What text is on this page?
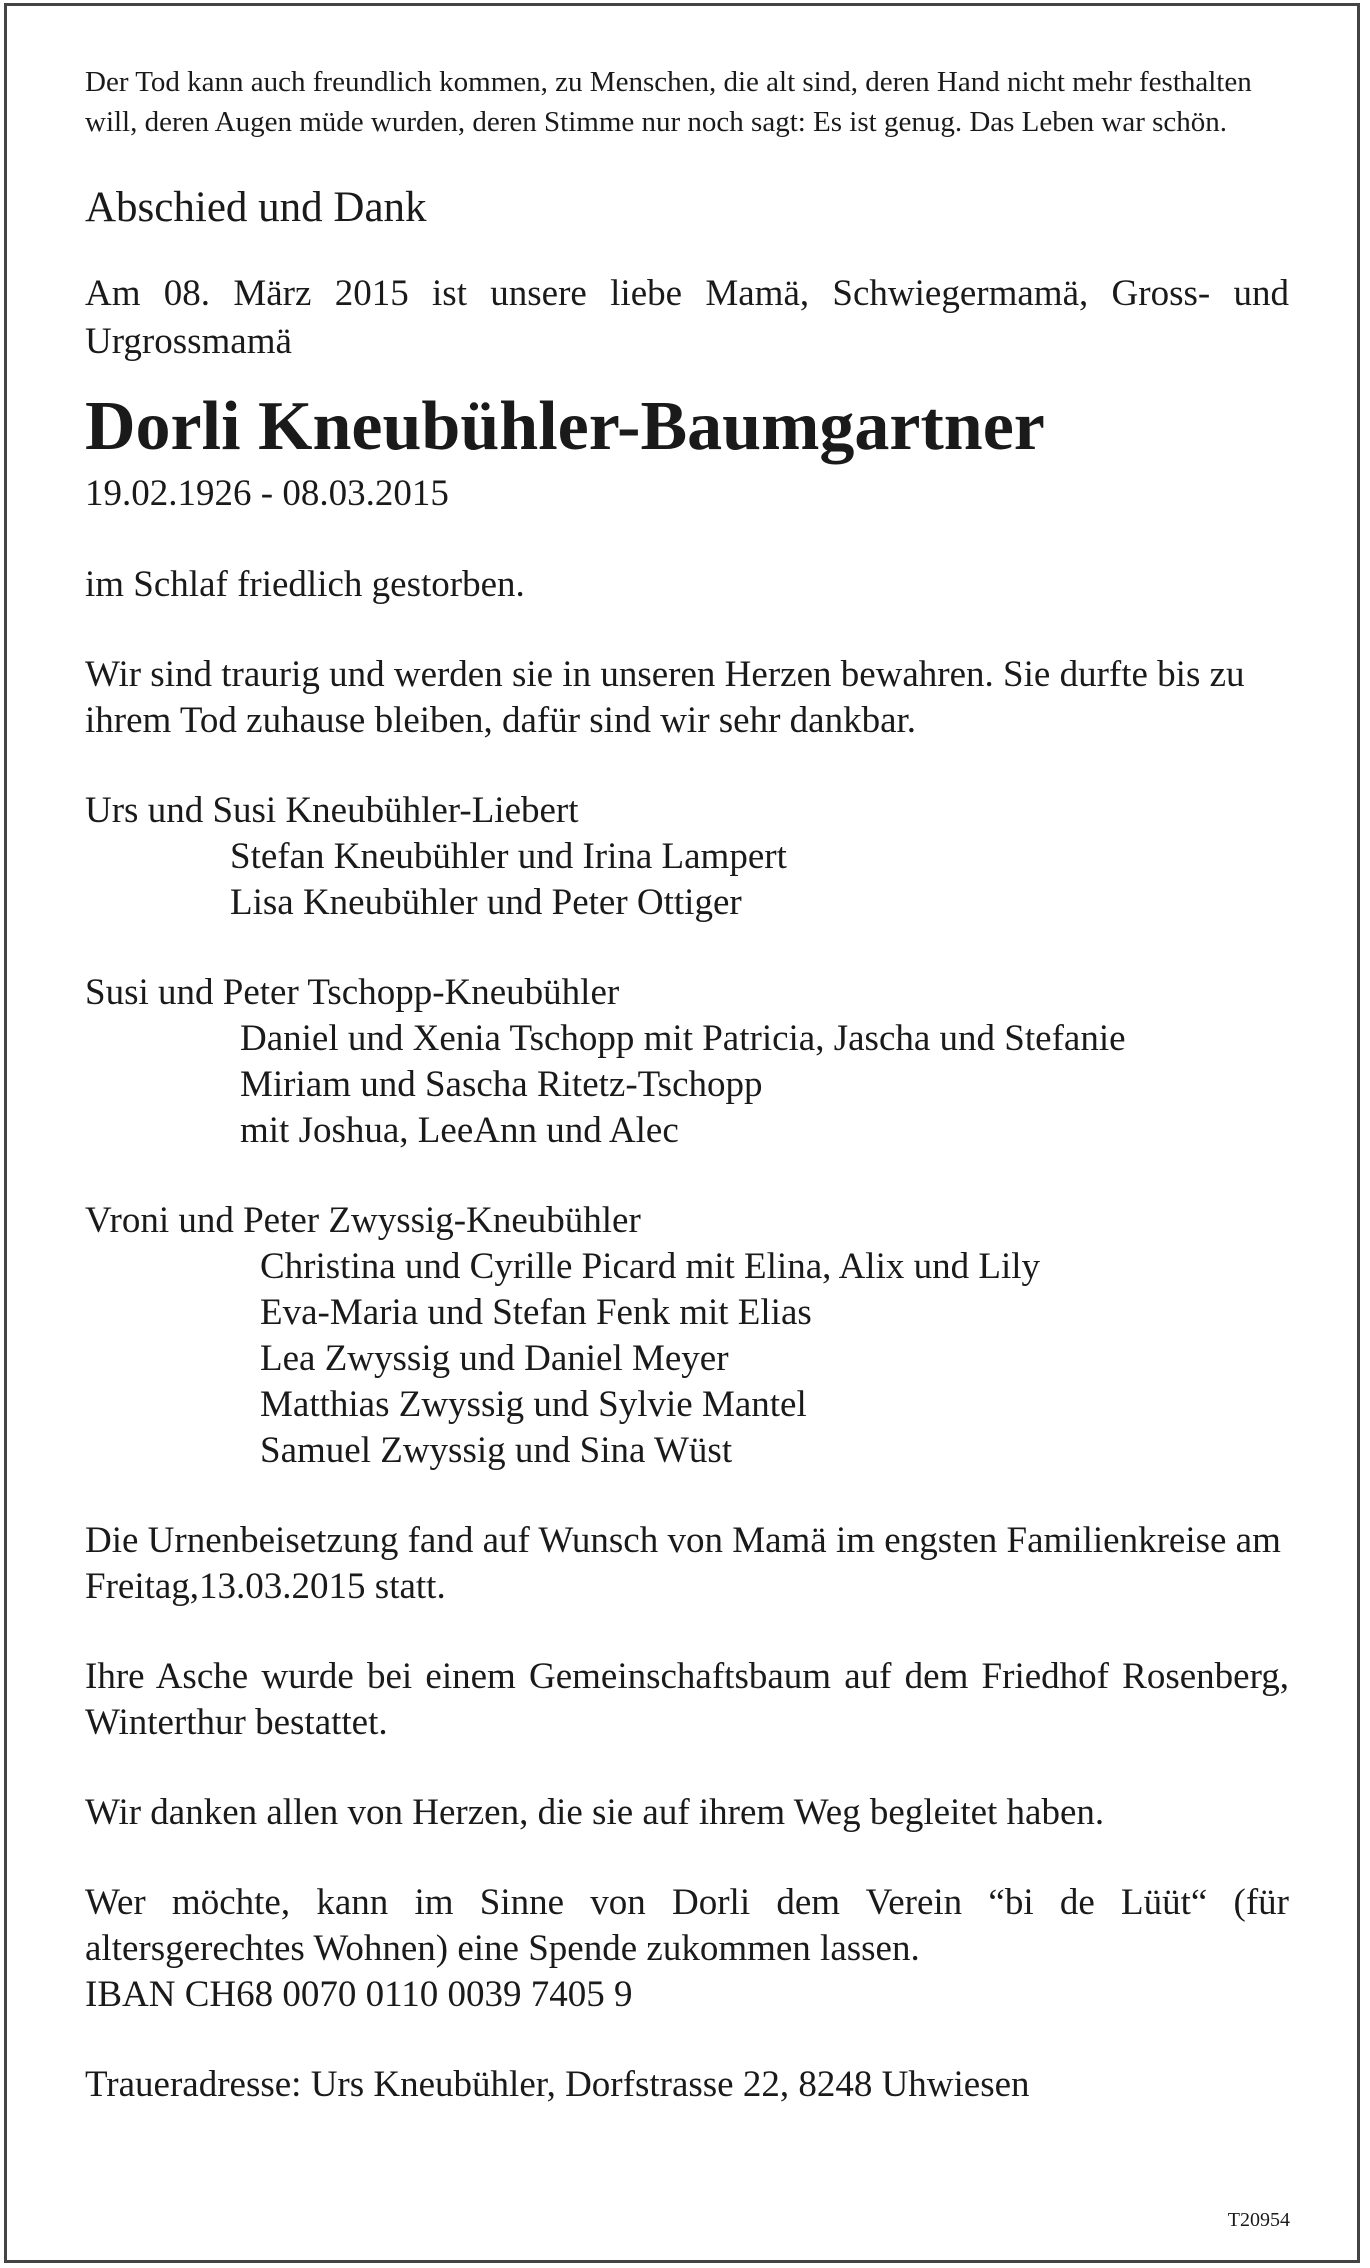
Der Tod kann auch freundlich kommen, zu Menschen, die alt sind, deren Hand nicht mehr festhalten will, deren Augen müde wurden, deren Stimme nur noch sagt: Es ist genug. Das Leben war schön.

Abschied und Dank

Am 08. März 2015 ist unsere liebe Mamä, Schwiegermamä, Gross- und Urgrossmamä

Dorli Kneubühler-Baumgartner

19.02.1926 - 08.03.2015

im Schlaf friedlich gestorben.

Wir sind traurig und werden sie in unseren Herzen bewahren. Sie durfte bis zu ihrem Tod zuhause bleiben, dafür sind wir sehr dankbar.

Urs und Susi Kneubühler-Liebert
Stefan Kneubühler und Irina Lampert
Lisa Kneubühler und Peter Ottiger
Susi und Peter Tschopp-Kneubühler
Daniel und Xenia Tschopp mit Patricia, Jascha und Stefanie
Miriam und Sascha Ritetz-Tschopp
mit Joshua, LeeAnn und Alec
Vroni und Peter Zwyssig-Kneubühler
Christina und Cyrille Picard mit Elina, Alix und Lily
Eva-Maria und Stefan Fenk mit Elias
Lea Zwyssig und Daniel Meyer
Matthias Zwyssig und Sylvie Mantel
Samuel Zwyssig und Sina Wüst

Die Urnenbeisetzung fand auf Wunsch von Mamä im engsten Familienkreise am Freitag,13.03.2015 statt.

Ihre Asche wurde bei einem Gemeinschaftsbaum auf dem Friedhof Rosenberg, Winterthur bestattet.

Wir danken allen von Herzen, die sie auf ihrem Weg begleitet haben.

Wer möchte, kann im Sinne von Dorli dem Verein “bi de Lüüt“ (für altersgerechtes Wohnen) eine Spende zukommen lassen.
IBAN CH68 0070 0110 0039 7405 9

Traueradresse: Urs Kneubühler, Dorfstrasse 22, 8248 Uhwiesen

T20954
